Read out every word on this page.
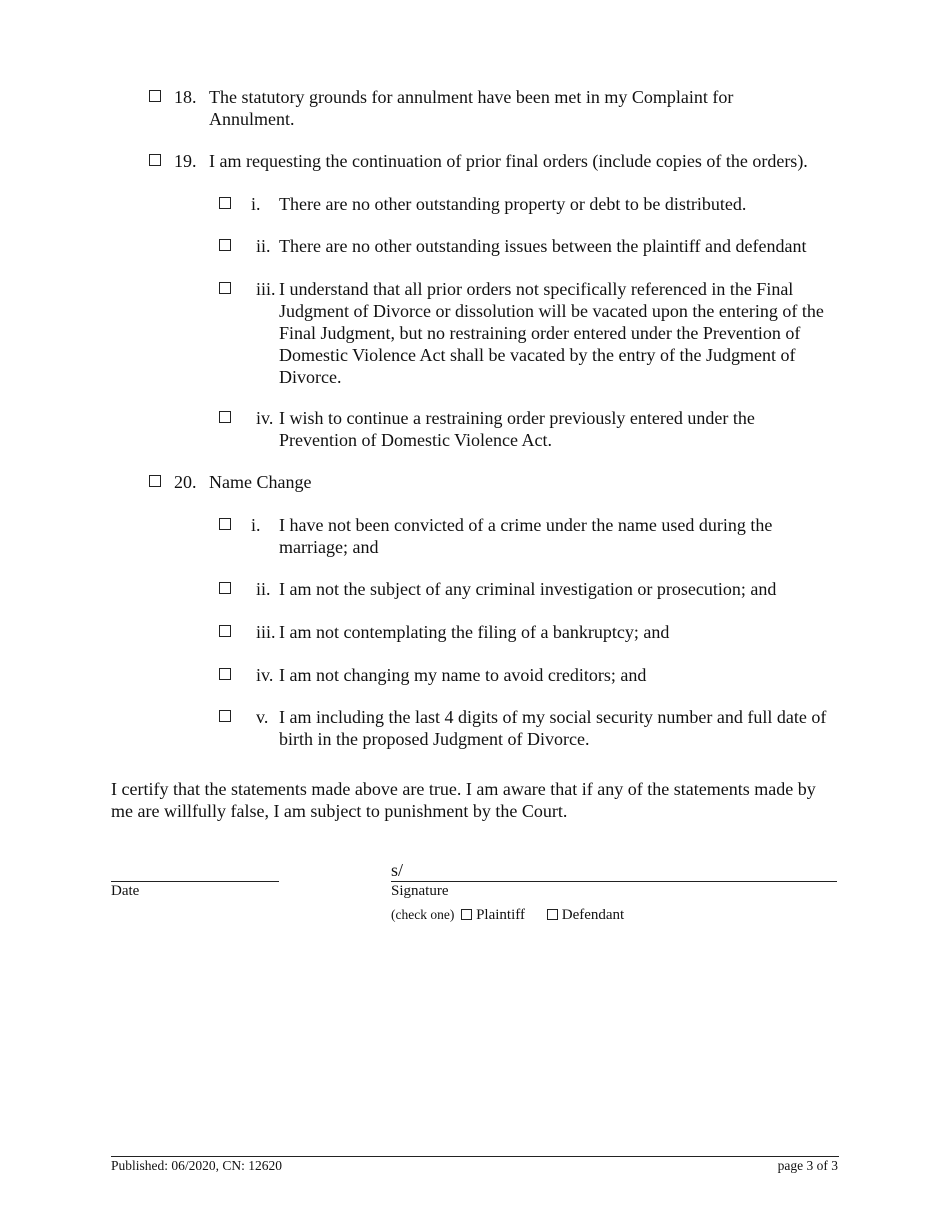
18. The statutory grounds for annulment have been met in my Complaint for Annulment.
19. I am requesting the continuation of prior final orders (include copies of the orders).
i. There are no other outstanding property or debt to be distributed.
ii. There are no other outstanding issues between the plaintiff and defendant
iii. I understand that all prior orders not specifically referenced in the Final Judgment of Divorce or dissolution will be vacated upon the entering of the Final Judgment, but no restraining order entered under the Prevention of Domestic Violence Act shall be vacated by the entry of the Judgment of Divorce.
iv. I wish to continue a restraining order previously entered under the Prevention of Domestic Violence Act.
20. Name Change
i. I have not been convicted of a crime under the name used during the marriage; and
ii. I am not the subject of any criminal investigation or prosecution; and
iii. I am not contemplating the filing of a bankruptcy; and
iv. I am not changing my name to avoid creditors; and
v. I am including the last 4 digits of my social security number and full date of birth in the proposed Judgment of Divorce.
I certify that the statements made above are true. I am aware that if any of the statements made by me are willfully false, I am subject to punishment by the Court.
s/
Date	Signature
(check one) Plaintiff Defendant
Published: 06/2020, CN: 12620	page 3 of 3
